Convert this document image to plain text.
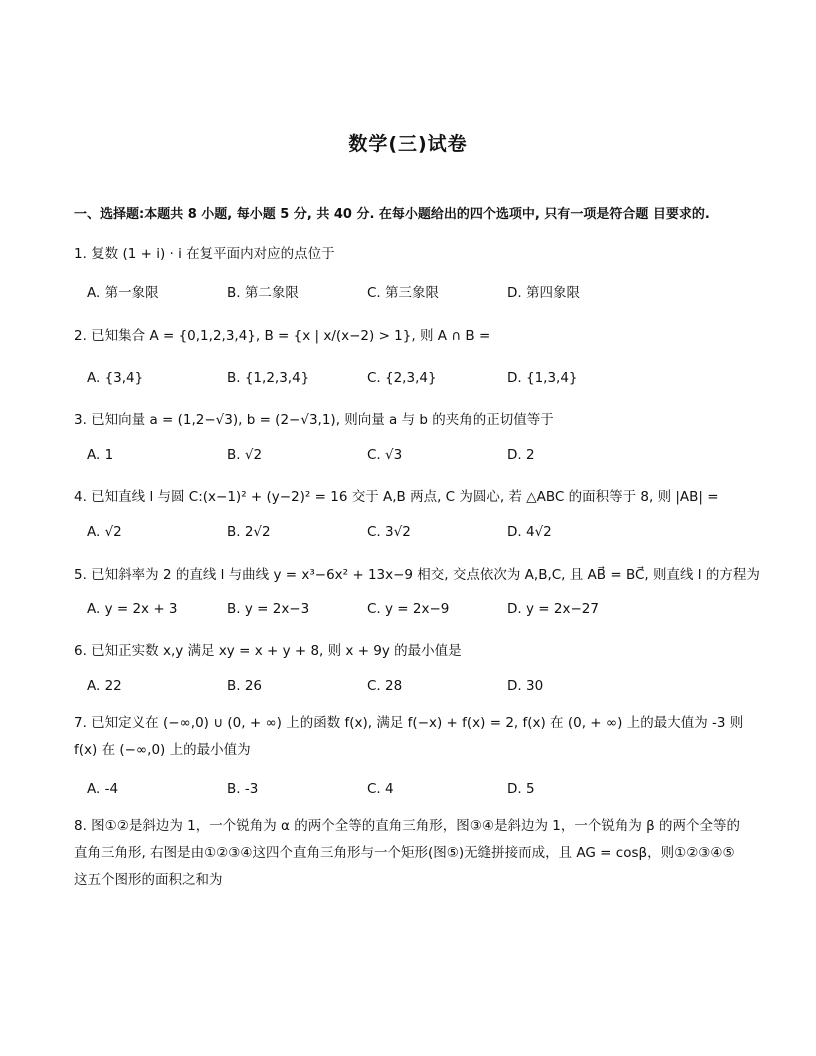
数学(三)试卷
一、选择题:本题共 8 小题, 每小题 5 分, 共 40 分. 在每小题给出的四个选项中, 只有一项是符合题 目要求的.
1. 复数 (1 + i) · i 在复平面内对应的点位于
A. 第一象限	B. 第二象限	C. 第三象限	D. 第四象限
2. 已知集合 A = {0,1,2,3,4}, B = {x | x/(x−2) > 1}, 则 A ∩ B =
A. {3,4}	B. {1,2,3,4}	C. {2,3,4}	D. {1,3,4}
3. 已知向量 a = (1,2−√3), b = (2−√3,1), 则向量 a 与 b 的夹角的正切值等于
A. 1	B. √2	C. √3	D. 2
4. 已知直线 l 与圆 C:(x−1)² + (y−2)² = 16 交于 A,B 两点, C 为圆心, 若 △ABC 的面积等于 8, 则 |AB| =
A. √2	B. 2√2	C. 3√2	D. 4√2
5. 已知斜率为 2 的直线 l 与曲线 y = x³−6x² + 13x−9 相交, 交点依次为 A,B,C, 且 AB⃗ = BC⃗, 则直线 l 的方程为
A. y = 2x + 3	B. y = 2x−3	C. y = 2x−9	D. y = 2x−27
6. 已知正实数 x,y 满足 xy = x + y + 8, 则 x + 9y 的最小值是
A. 22	B. 26	C. 28	D. 30
7. 已知定义在 (−∞,0) ∪ (0, + ∞) 上的函数 f(x), 满足 f(−x) + f(x) = 2, f(x) 在 (0, + ∞) 上的最大值为 -3 则 f(x) 在 (−∞,0) 上的最小值为
A. -4	B. -3	C. 4	D. 5
8. 图①②是斜边为 1，一个锐角为 α 的两个全等的直角三角形，图③④是斜边为 1，一个锐角为 β 的两个全等的直角三角形, 右图是由①②③④这四个直角三角形与一个矩形(图⑤)无缝拼接而成，且 AG = cosβ，则①②③④⑤这五个图形的面积之和为
